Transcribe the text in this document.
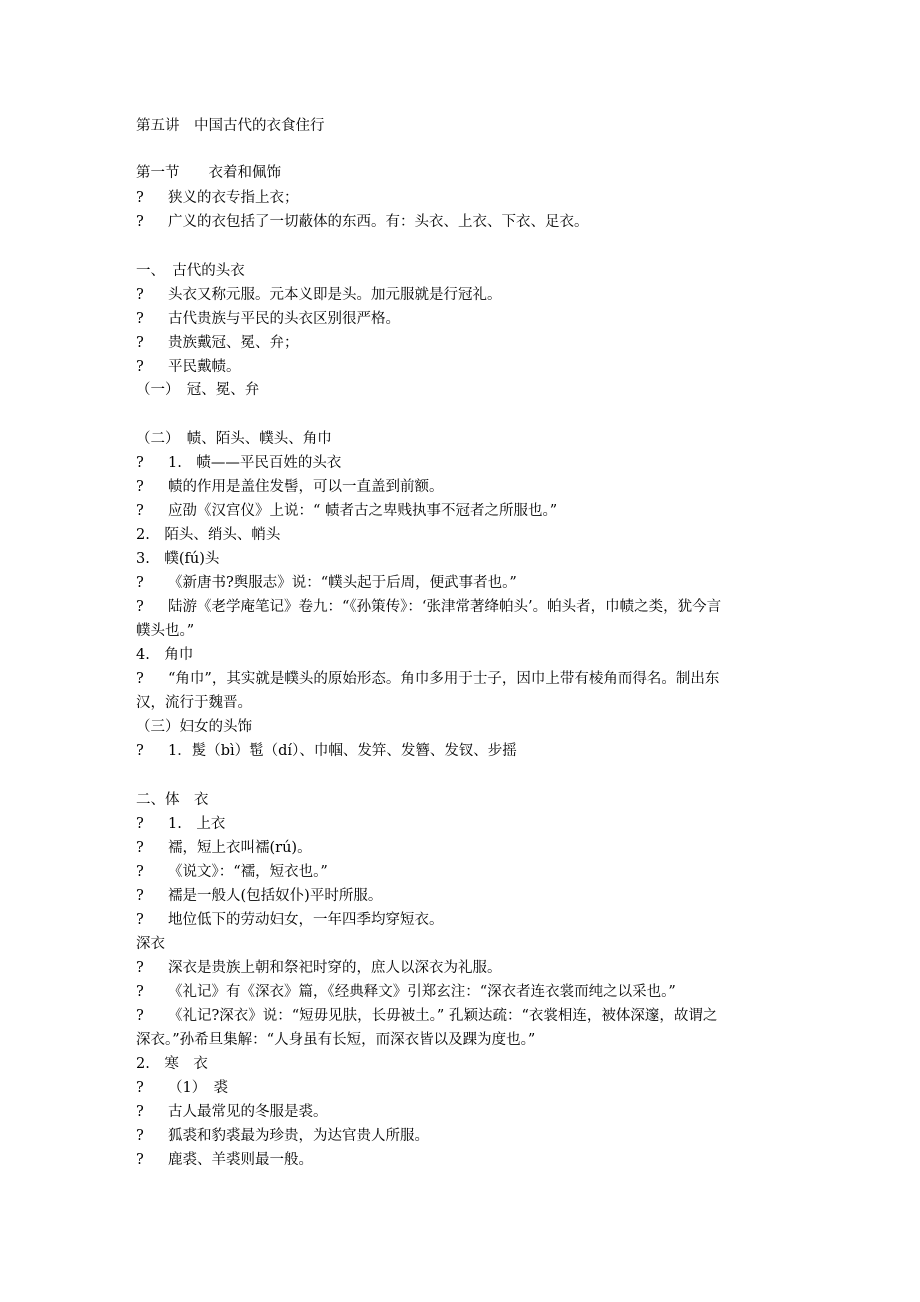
第五讲　中国古代的衣食住行
第一节　　衣着和佩饰
? 狭义的衣专指上衣；
? 广义的衣包括了一切蔽体的东西。有：头衣、上衣、下衣、足衣。
一、　古代的头衣
? 头衣又称元服。元本义即是头。加元服就是行冠礼。
? 古代贵族与平民的头衣区别很严格。
? 贵族戴冠、冕、弁；
? 平民戴帻。
（一）　冠、冕、弁
（二）　帻、陌头、幞头、角巾
? 1.　帻——平民百姓的头衣
? 帻的作用是盖住发髻，可以一直盖到前额。
? 应劭《汉宫仪》上说：“ 帻者古之卑贱执事不冠者之所服也。”
2.　陌头、绡头、帩头
3.　幞(fú)头
? 《新唐书?舆服志》说：“幞头起于后周，便武事者也。”
? 陆游《老学庵笔记》卷九：“《孙策传》：‘张津常著绛帕头’。帕头者，巾帻之类，犹今言
幞头也。”
4.　角巾
? “角巾”，其实就是幞头的原始形态。角巾多用于士子，因巾上带有棱角而得名。制出东
汉，流行于魏晋。
（三）妇女的头饰
? 1．髲（bì）髢（dí）、巾帼、发笄、发簪、发钗、步摇
二、体　衣
? 1.　上衣
? 襦，短上衣叫襦(rú)。
? 《说文》：“襦，短衣也。”
? 襦是一般人(包括奴仆)平时所服。
? 地位低下的劳动妇女，一年四季均穿短衣。
深衣
? 深衣是贵族上朝和祭祀时穿的，庶人以深衣为礼服。
? 《礼记》有《深衣》篇，《经典释文》引郑玄注：“深衣者连衣裳而纯之以采也。”
? 《礼记?深衣》说：“短毋见肤，长毋被土。” 孔颖达疏：“衣裳相连，被体深邃，故谓之
深衣。”孙希旦集解：“人身虽有长短，而深衣皆以及踝为度也。”
2.　寒　衣
? （1）　裘
? 古人最常见的冬服是裘。
? 狐裘和豹裘最为珍贵，为达官贵人所服。
? 鹿裘、羊裘则最一般。
